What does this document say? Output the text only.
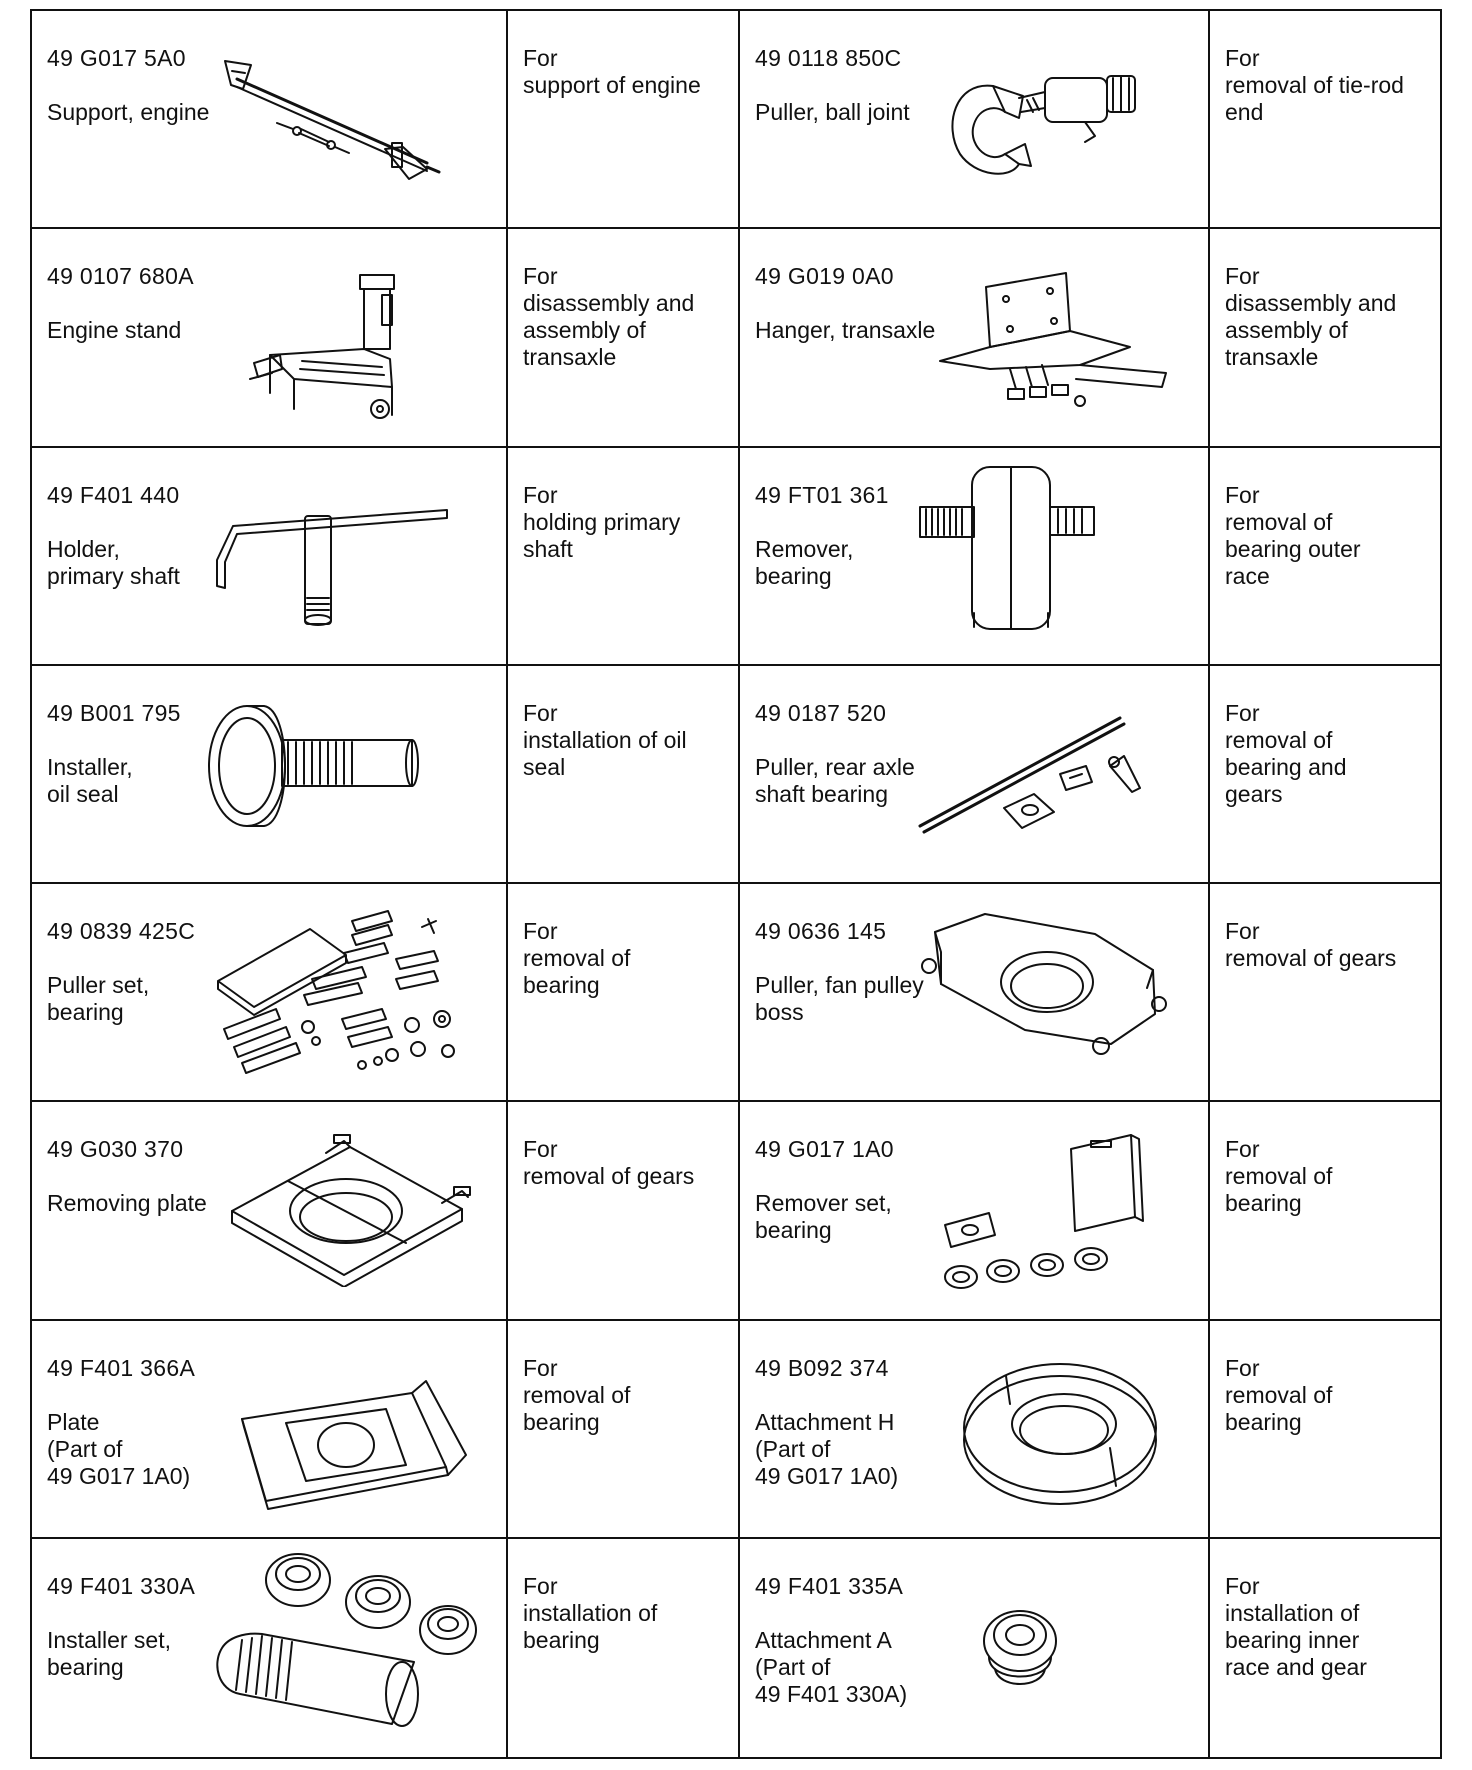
49 G017 5A0
Support, engine
For
support of engine
49 0118 850C
Puller, ball joint
For
removal of tie-rod
end
49 0107 680A
Engine stand
For
disassembly and
assembly of
transaxle
49 G019 0A0
Hanger, transaxle
For
disassembly and
assembly of
transaxle
49 F401 440
Holder,
primary shaft
For
holding primary
shaft
49 FT01 361
Remover,
bearing
For
removal of
bearing outer
race
49 B001 795
Installer,
oil seal
For
installation of oil
seal
49 0187 520
Puller, rear axle
shaft bearing
For
removal of
bearing and
gears
49 0839 425C
Puller set,
bearing
For
removal of
bearing
49 0636 145
Puller, fan pulley
boss
For
removal of gears
49 G030 370
Removing plate
For
removal of gears
49 G017 1A0
Remover set,
bearing
For
removal of
bearing
49 F401 366A
Plate
(Part of
49 G017 1A0)
For
removal of
bearing
49 B092 374
Attachment H
(Part of
49 G017 1A0)
For
removal of
bearing
49 F401 330A
Installer set,
bearing
For
installation of
bearing
49 F401 335A
Attachment A
(Part of
49 F401 330A)
For
installation of
bearing inner
race and gear
